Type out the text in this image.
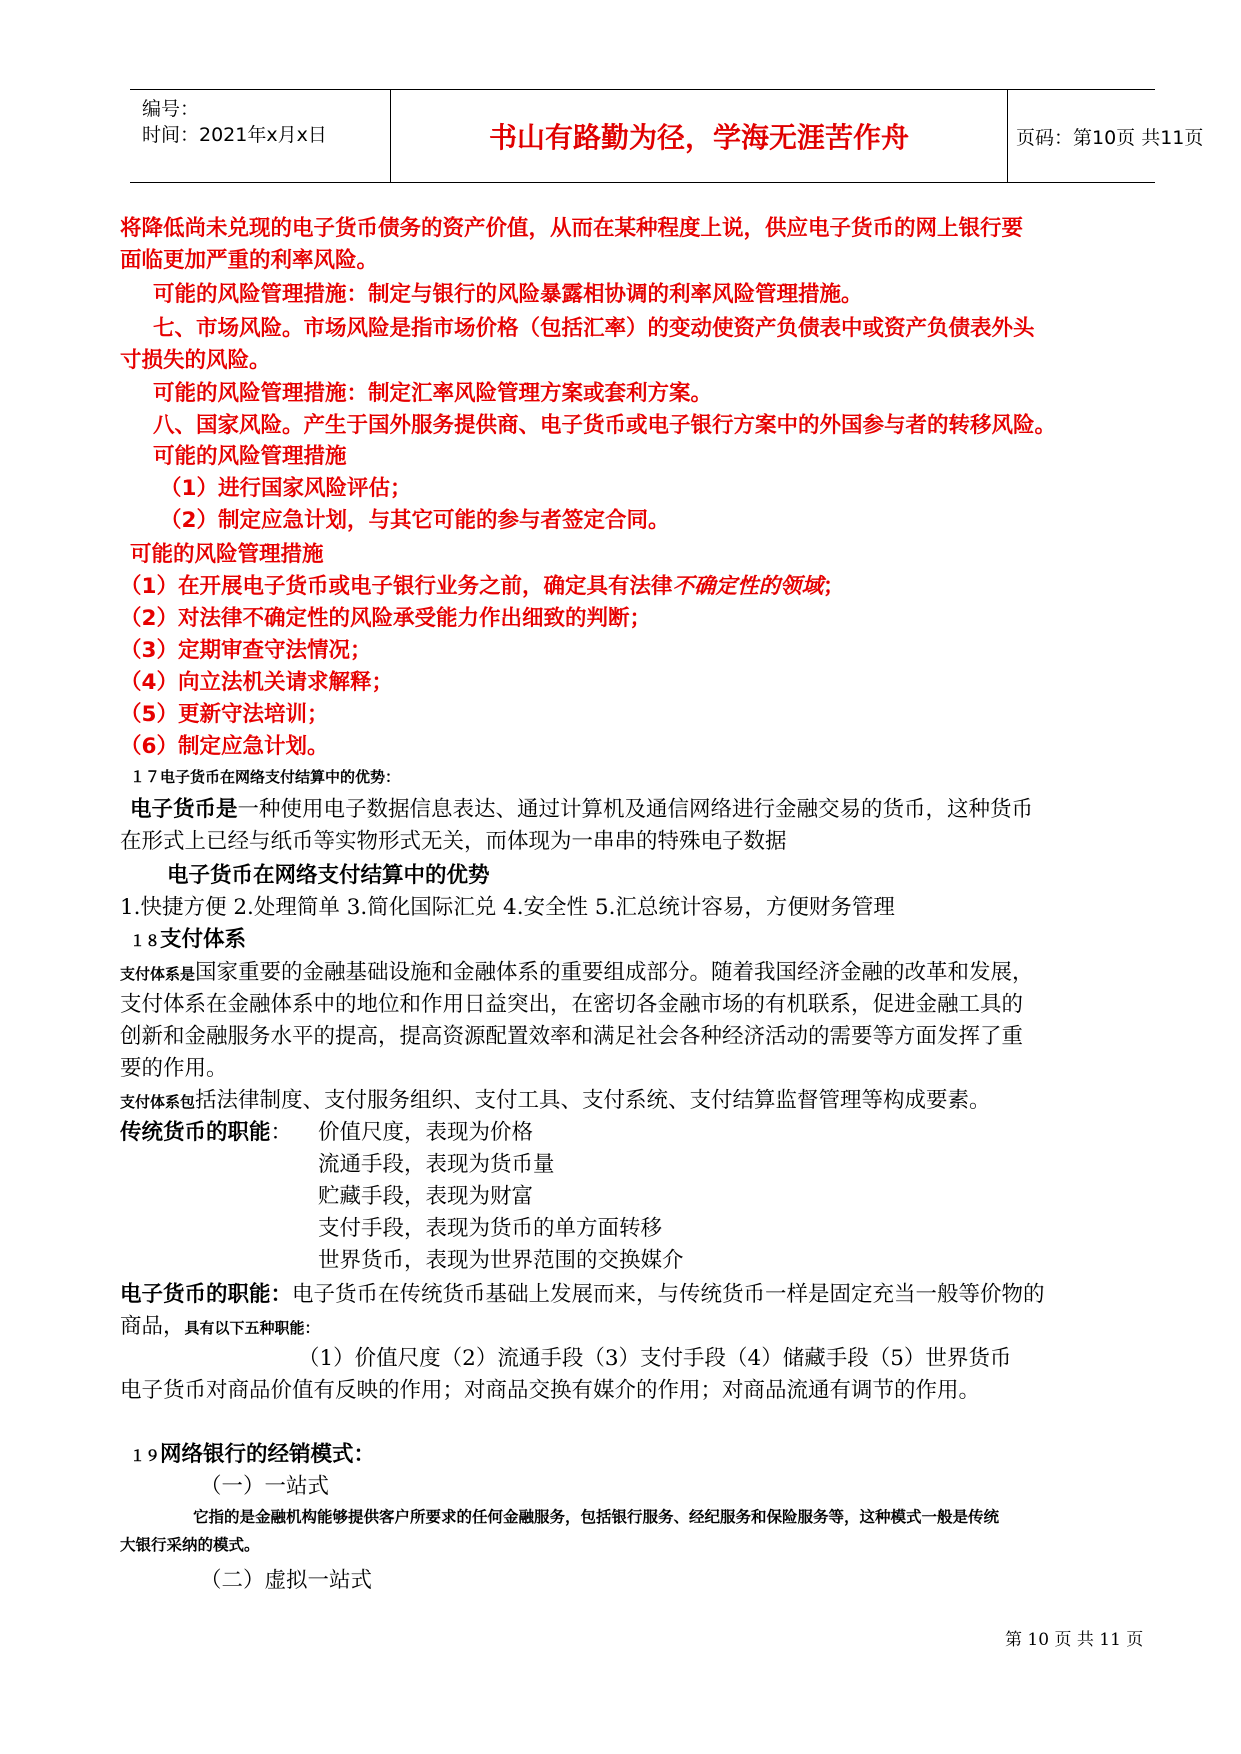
编号：
时间：2021年x月x日	书山有路勤为径，学海无涯苦作舟	页码：第10页 共11页
将降低尚未兑现的电子货币债务的资产价值，从而在某种程度上说，供应电子货币的网上银行要
面临更加严重的利率风险。
可能的风险管理措施：制定与银行的风险暴露相协调的利率风险管理措施。
七、市场风险。市场风险是指市场价格（包括汇率）的变动使资产负债表中或资产负债表外头
寸损失的风险。
可能的风险管理措施：制定汇率风险管理方案或套利方案。
八、国家风险。产生于国外服务提供商、电子货币或电子银行方案中的外国参与者的转移风险。
可能的风险管理措施
（1）进行国家风险评估；
（2）制定应急计划，与其它可能的参与者签定合同。
可能的风险管理措施
（1）在开展电子货币或电子银行业务之前，确定具有法律不确定性的领域；
（2）对法律不确定性的风险承受能力作出细致的判断；
（3）定期审查守法情况；
（4）向立法机关请求解释；
（5）更新守法培训；
（6）制定应急计划。
１７电子货币在网络支付结算中的优势：
电子货币是一种使用电子数据信息表达、通过计算机及通信网络进行金融交易的货币，这种货币
在形式上已经与纸币等实物形式无关，而体现为一串串的特殊电子数据
电子货币在网络支付结算中的优势
1.快捷方便 2.处理简单 3.简化国际汇兑 4.安全性 5.汇总统计容易，方便财务管理
１８支付体系
支付体系是国家重要的金融基础设施和金融体系的重要组成部分。随着我国经济金融的改革和发展，
支付体系在金融体系中的地位和作用日益突出，在密切各金融市场的有机联系，促进金融工具的
创新和金融服务水平的提高，提高资源配置效率和满足社会各种经济活动的需要等方面发挥了重
要的作用。
支付体系包括法律制度、支付服务组织、支付工具、支付系统、支付结算监督管理等构成要素。
传统货币的职能： 价值尺度，表现为价格
流通手段，表现为货币量
贮藏手段，表现为财富
支付手段，表现为货币的单方面转移
世界货币，表现为世界范围的交换媒介
电子货币的职能：电子货币在传统货币基础上发展而来，与传统货币一样是固定充当一般等价物的
商品，具有以下五种职能：
（1）价值尺度（2）流通手段（3）支付手段（4）储藏手段（5）世界货币
电子货币对商品价值有反映的作用；对商品交换有媒介的作用；对商品流通有调节的作用。
１９网络银行的经销模式：
（一）一站式
它指的是金融机构能够提供客户所要求的任何金融服务，包括银行服务、经纪服务和保险服务等，这种模式一般是传统
大银行采纳的模式。
（二）虚拟一站式
第 10 页 共 11 页
